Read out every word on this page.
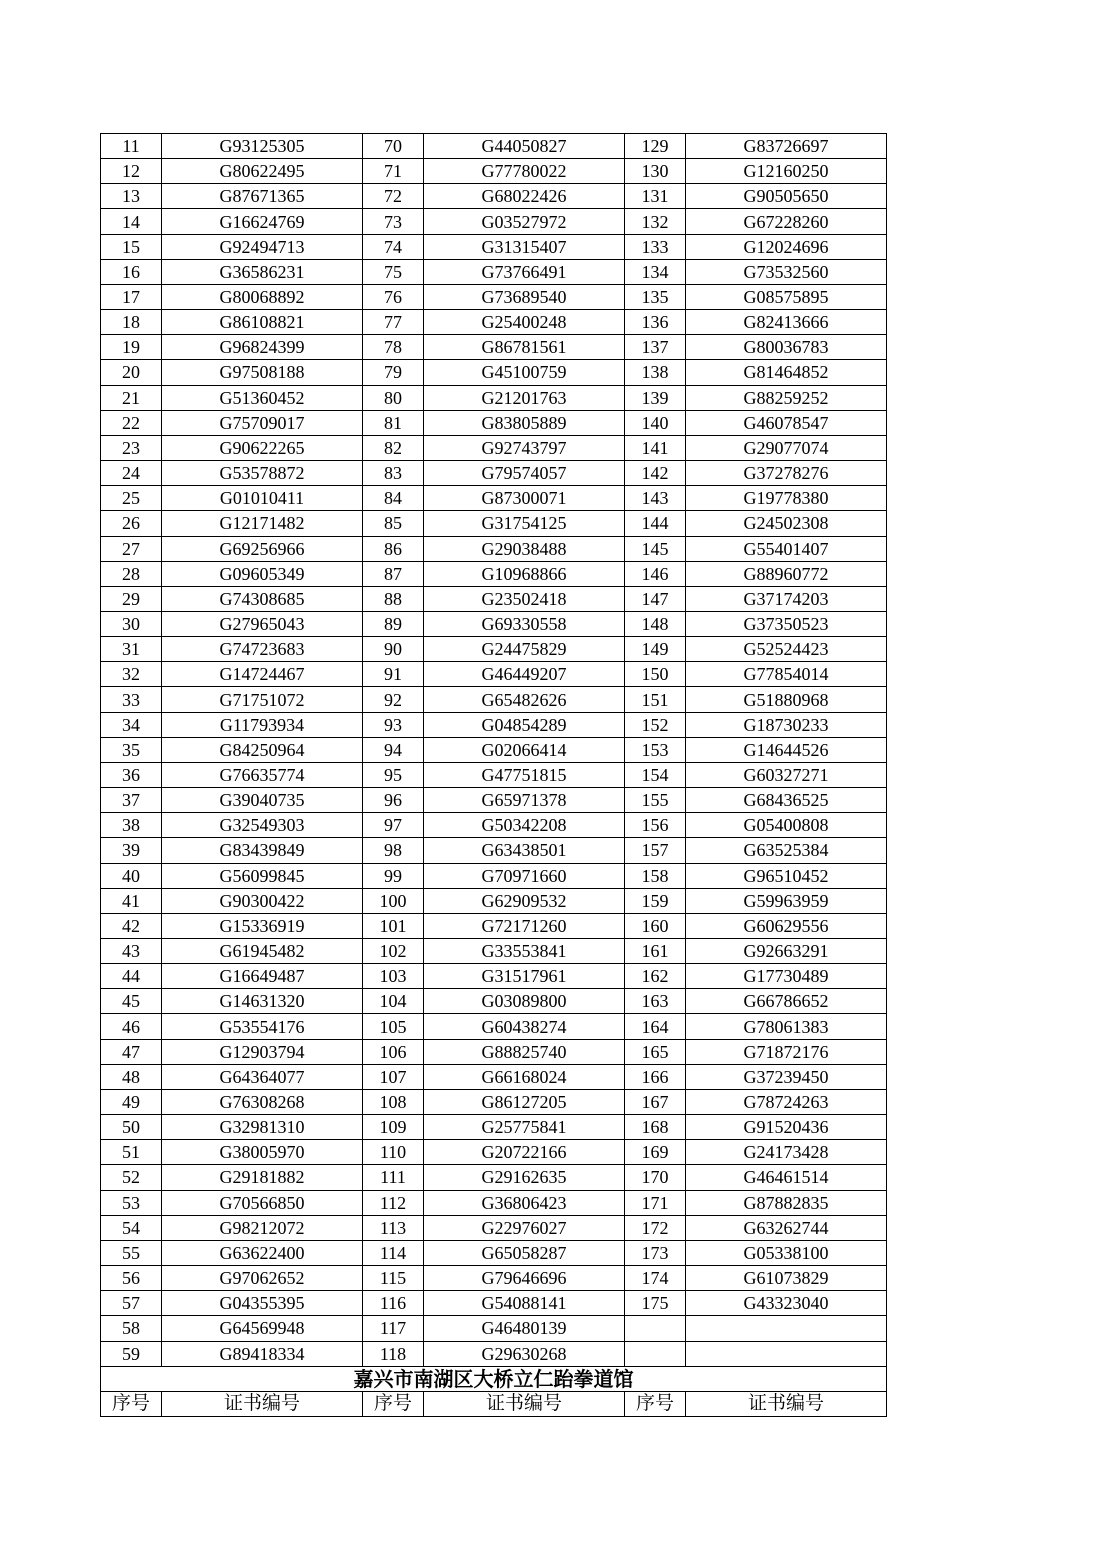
11	G93125305	70	G44050827	129	G83726697
12	G80622495	71	G77780022	130	G12160250
13	G87671365	72	G68022426	131	G90505650
14	G16624769	73	G03527972	132	G67228260
15	G92494713	74	G31315407	133	G12024696
16	G36586231	75	G73766491	134	G73532560
17	G80068892	76	G73689540	135	G08575895
18	G86108821	77	G25400248	136	G82413666
19	G96824399	78	G86781561	137	G80036783
20	G97508188	79	G45100759	138	G81464852
21	G51360452	80	G21201763	139	G88259252
22	G75709017	81	G83805889	140	G46078547
23	G90622265	82	G92743797	141	G29077074
24	G53578872	83	G79574057	142	G37278276
25	G01010411	84	G87300071	143	G19778380
26	G12171482	85	G31754125	144	G24502308
27	G69256966	86	G29038488	145	G55401407
28	G09605349	87	G10968866	146	G88960772
29	G74308685	88	G23502418	147	G37174203
30	G27965043	89	G69330558	148	G37350523
31	G74723683	90	G24475829	149	G52524423
32	G14724467	91	G46449207	150	G77854014
33	G71751072	92	G65482626	151	G51880968
34	G11793934	93	G04854289	152	G18730233
35	G84250964	94	G02066414	153	G14644526
36	G76635774	95	G47751815	154	G60327271
37	G39040735	96	G65971378	155	G68436525
38	G32549303	97	G50342208	156	G05400808
39	G83439849	98	G63438501	157	G63525384
40	G56099845	99	G70971660	158	G96510452
41	G90300422	100	G62909532	159	G59963959
42	G15336919	101	G72171260	160	G60629556
43	G61945482	102	G33553841	161	G92663291
44	G16649487	103	G31517961	162	G17730489
45	G14631320	104	G03089800	163	G66786652
46	G53554176	105	G60438274	164	G78061383
47	G12903794	106	G88825740	165	G71872176
48	G64364077	107	G66168024	166	G37239450
49	G76308268	108	G86127205	167	G78724263
50	G32981310	109	G25775841	168	G91520436
51	G38005970	110	G20722166	169	G24173428
52	G29181882	111	G29162635	170	G46461514
53	G70566850	112	G36806423	171	G87882835
54	G98212072	113	G22976027	172	G63262744
55	G63622400	114	G65058287	173	G05338100
56	G97062652	115	G79646696	174	G61073829
57	G04355395	116	G54088141	175	G43323040
58	G64569948	117	G46480139		
59	G89418334	118	G29630268		
嘉兴市南湖区大桥立仁跆拳道馆					
序号	证书编号	序号	证书编号	序号	证书编号
